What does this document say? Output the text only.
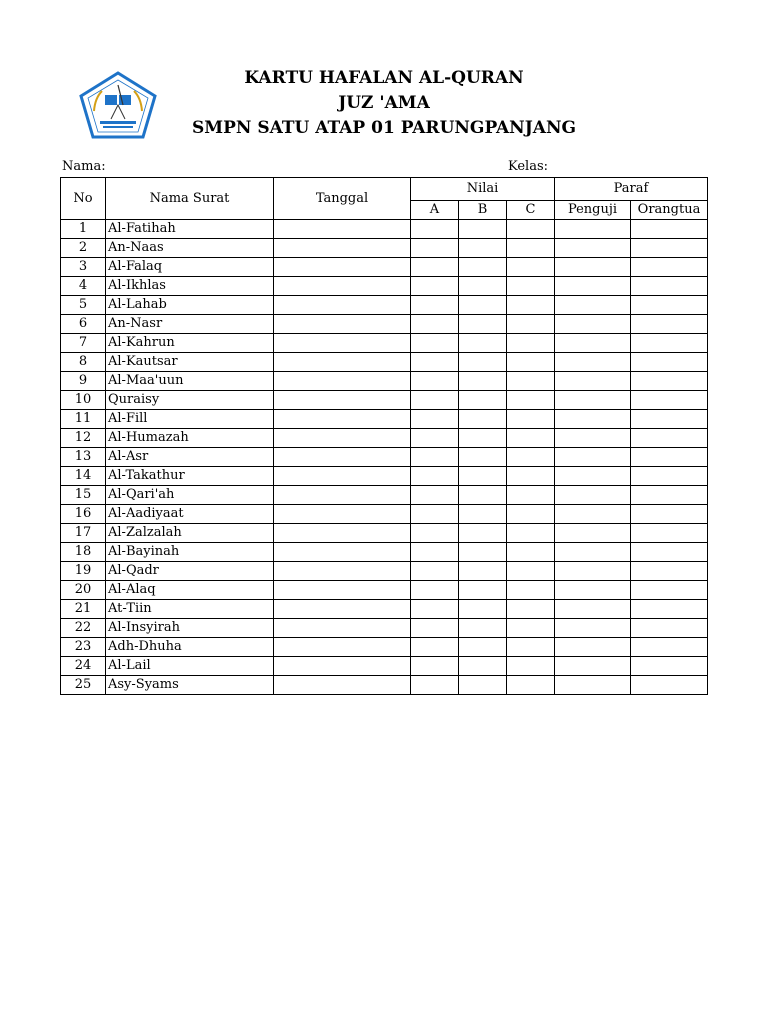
KARTU HAFALAN AL-QURAN
JUZ 'AMA
SMPN SATU ATAP 01 PARUNGPANJANG
Nama:	Kelas:
No	Nama Surat	Tanggal	Nilai			Paraf	
			A	B	C	Penguji	Orangtua
1	Al-Fatihah						
2	An-Naas						
3	Al-Falaq						
4	Al-Ikhlas						
5	Al-Lahab						
6	An-Nasr						
7	Al-Kahrun						
8	Al-Kautsar						
9	Al-Maa'uun						
10	Quraisy						
11	Al-Fill						
12	Al-Humazah						
13	Al-Asr						
14	Al-Takathur						
15	Al-Qari'ah						
16	Al-Aadiyaat						
17	Al-Zalzalah						
18	Al-Bayinah						
19	Al-Qadr						
20	Al-Alaq						
21	At-Tiin						
22	Al-Insyirah						
23	Adh-Dhuha						
24	Al-Lail						
25	Asy-Syams						
